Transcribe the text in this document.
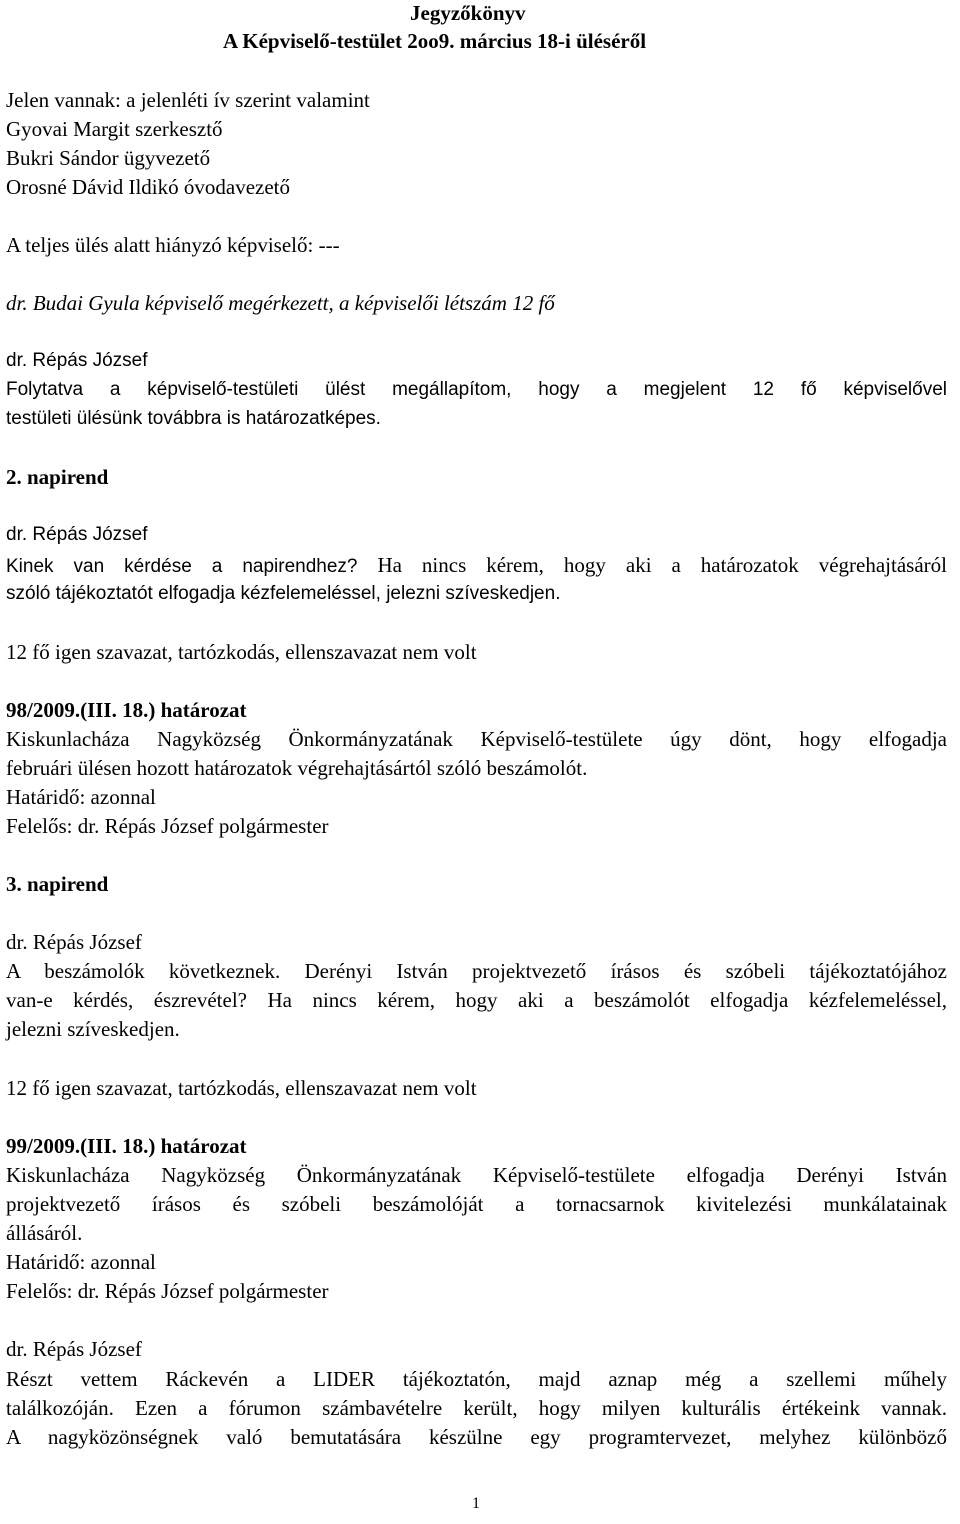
Jegyzőkönyv
A Képviselő-testület 2oo9. március 18-i üléséről
Jelen vannak: a jelenléti ív szerint valamint
Gyovai Margit szerkesztő
Bukri Sándor ügyvezető
Orosné Dávid Ildikó óvodavezető
A teljes ülés alatt hiányzó képviselő: ---
dr. Budai Gyula képviselő megérkezett, a képviselői létszám 12 fő
dr. Répás József
Folytatva a képviselő-testületi ülést megállapítom, hogy a megjelent 12 fő képviselővel
testületi ülésünk továbbra is határozatképes.
2. napirend
dr. Répás József
Kinek van kérdése a napirendhez? Ha nincs kérem, hogy aki a határozatok végrehajtásáról
szóló tájékoztatót elfogadja kézfelemeléssel, jelezni szíveskedjen.
12 fő igen szavazat, tartózkodás, ellenszavazat nem volt
98/2009.(III. 18.) határozat
Kiskunlacháza Nagyközség Önkormányzatának Képviselő-testülete úgy dönt, hogy elfogadja
februári ülésen hozott határozatok végrehajtásártól szóló beszámolót.
Határidő: azonnal
Felelős: dr. Répás József polgármester
3. napirend
dr. Répás József
A beszámolók következnek. Derényi István projektvezető írásos és szóbeli tájékoztatójához
van-e kérdés, észrevétel? Ha nincs kérem, hogy aki a beszámolót elfogadja kézfelemeléssel,
jelezni szíveskedjen.
12 fő igen szavazat, tartózkodás, ellenszavazat nem volt
99/2009.(III. 18.) határozat
Kiskunlacháza Nagyközség Önkormányzatának Képviselő-testülete elfogadja Derényi István
projektvezető írásos és szóbeli beszámolóját a tornacsarnok kivitelezési munkálatainak
állásáról.
Határidő: azonnal
Felelős: dr. Répás József polgármester
dr. Répás József
Részt vettem Ráckevén a LIDER tájékoztatón, majd aznap még a szellemi műhely
találkozóján. Ezen a fórumon számbavételre került, hogy milyen kulturális értékeink vannak.
A nagyközönségnek való bemutatására készülne egy programtervezet, melyhez különböző
1
